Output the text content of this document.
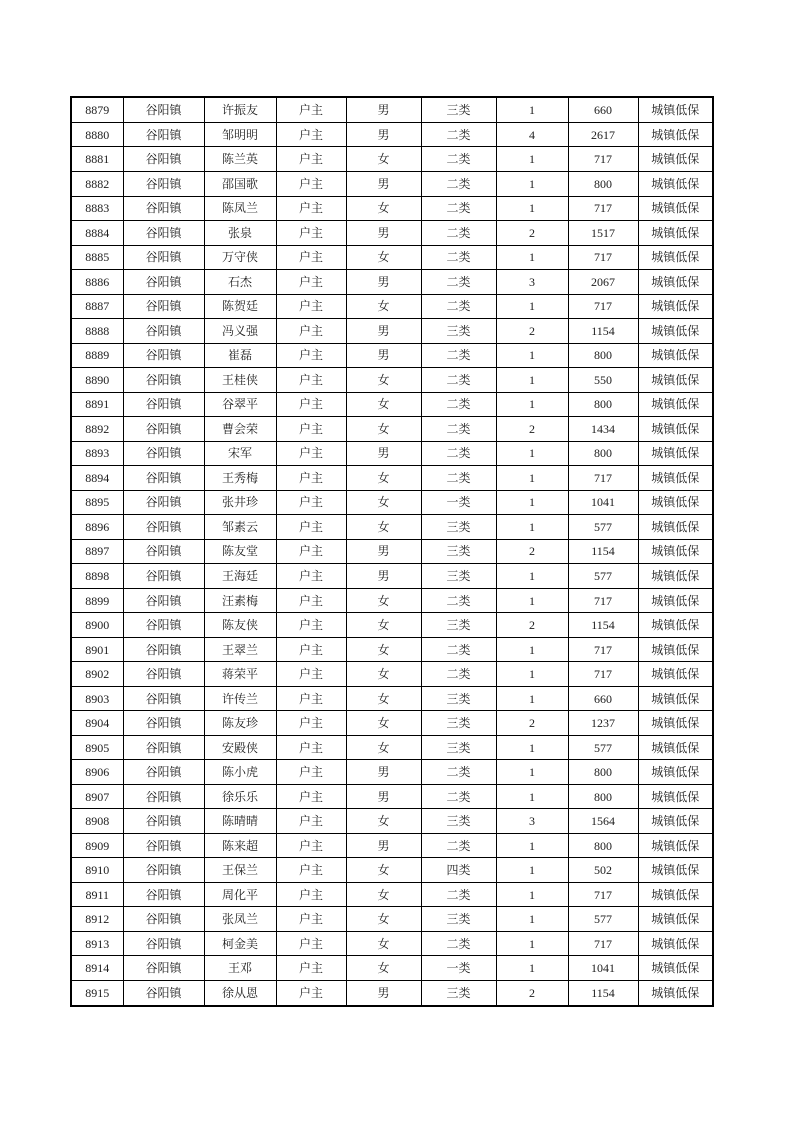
8879	谷阳镇	许振友	户主	男	三类	1	660	城镇低保
8880	谷阳镇	邹明明	户主	男	二类	4	2617	城镇低保
8881	谷阳镇	陈兰英	户主	女	二类	1	717	城镇低保
8882	谷阳镇	邵国歌	户主	男	二类	1	800	城镇低保
8883	谷阳镇	陈凤兰	户主	女	二类	1	717	城镇低保
8884	谷阳镇	张泉	户主	男	二类	2	1517	城镇低保
8885	谷阳镇	万守侠	户主	女	二类	1	717	城镇低保
8886	谷阳镇	石杰	户主	男	二类	3	2067	城镇低保
8887	谷阳镇	陈贺廷	户主	女	二类	1	717	城镇低保
8888	谷阳镇	冯义强	户主	男	三类	2	1154	城镇低保
8889	谷阳镇	崔磊	户主	男	二类	1	800	城镇低保
8890	谷阳镇	王桂侠	户主	女	二类	1	550	城镇低保
8891	谷阳镇	谷翠平	户主	女	二类	1	800	城镇低保
8892	谷阳镇	曹会荣	户主	女	二类	2	1434	城镇低保
8893	谷阳镇	宋军	户主	男	二类	1	800	城镇低保
8894	谷阳镇	王秀梅	户主	女	二类	1	717	城镇低保
8895	谷阳镇	张井珍	户主	女	一类	1	1041	城镇低保
8896	谷阳镇	邹素云	户主	女	三类	1	577	城镇低保
8897	谷阳镇	陈友堂	户主	男	三类	2	1154	城镇低保
8898	谷阳镇	王海廷	户主	男	三类	1	577	城镇低保
8899	谷阳镇	汪素梅	户主	女	二类	1	717	城镇低保
8900	谷阳镇	陈友侠	户主	女	三类	2	1154	城镇低保
8901	谷阳镇	王翠兰	户主	女	二类	1	717	城镇低保
8902	谷阳镇	蒋荣平	户主	女	二类	1	717	城镇低保
8903	谷阳镇	许传兰	户主	女	三类	1	660	城镇低保
8904	谷阳镇	陈友珍	户主	女	三类	2	1237	城镇低保
8905	谷阳镇	安殿侠	户主	女	三类	1	577	城镇低保
8906	谷阳镇	陈小虎	户主	男	二类	1	800	城镇低保
8907	谷阳镇	徐乐乐	户主	男	二类	1	800	城镇低保
8908	谷阳镇	陈晴晴	户主	女	三类	3	1564	城镇低保
8909	谷阳镇	陈来超	户主	男	二类	1	800	城镇低保
8910	谷阳镇	王保兰	户主	女	四类	1	502	城镇低保
8911	谷阳镇	周化平	户主	女	二类	1	717	城镇低保
8912	谷阳镇	张凤兰	户主	女	三类	1	577	城镇低保
8913	谷阳镇	柯金美	户主	女	二类	1	717	城镇低保
8914	谷阳镇	王邓	户主	女	一类	1	1041	城镇低保
8915	谷阳镇	徐从恩	户主	男	三类	2	1154	城镇低保
